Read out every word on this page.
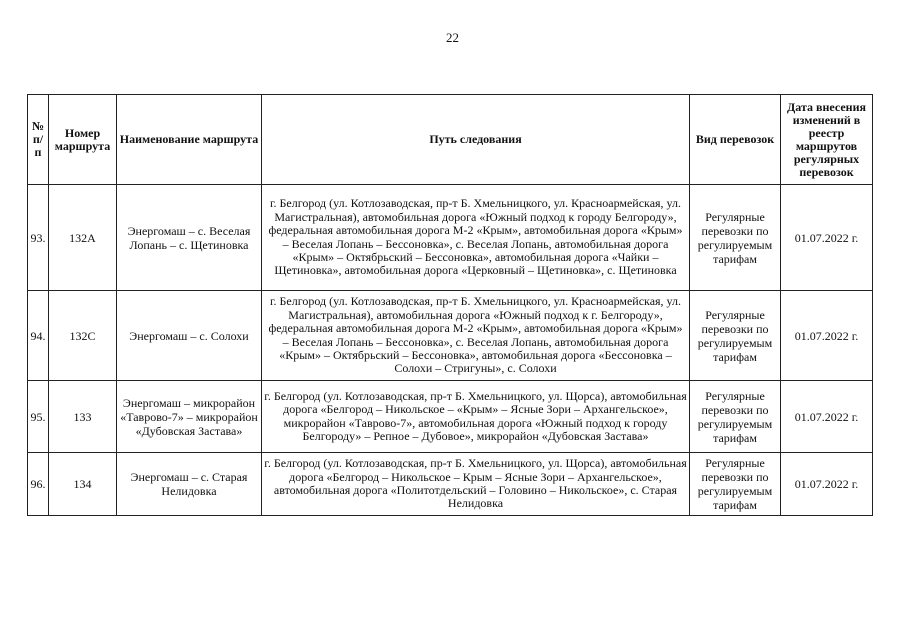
22
№ п/п	Номер маршрута	Наименование маршрута	Путь следования	Вид перевозок	Дата внесения изменений в реестр маршрутов регулярных перевозок
93.	132А	Энергомаш – с. Веселая Лопань – с. Щетиновка	г. Белгород (ул. Котлозаводская, пр-т Б. Хмельницкого, ул. Красноармейская, ул. Магистральная), автомобильная дорога «Южный подход к городу Белгороду», федеральная автомобильная дорога М-2 «Крым», автомобильная дорога «Крым» – Веселая Лопань – Бессоновка», с. Веселая Лопань, автомобильная дорога «Крым» – Октябрьский – Бессоновка», автомобильная дорога «Чайки – Щетиновка», автомобильная дорога «Церковный – Щетиновка», с. Щетиновка	Регулярные перевозки по регулируемым тарифам	01.07.2022 г.
94.	132С	Энергомаш – с. Солохи	г. Белгород (ул. Котлозаводская, пр-т Б. Хмельницкого, ул. Красноармейская, ул. Магистральная), автомобильная дорога «Южный подход к г. Белгороду», федеральная автомобильная дорога М-2 «Крым», автомобильная дорога «Крым» – Веселая Лопань – Бессоновка», с. Веселая Лопань, автомобильная дорога «Крым» – Октябрьский – Бессоновка», автомобильная дорога «Бессоновка – Солохи – Стригуны», с. Солохи	Регулярные перевозки по регулируемым тарифам	01.07.2022 г.
95.	133	Энергомаш – микрорайон «Таврово-7» – микрорайон «Дубовская Застава»	г. Белгород (ул. Котлозаводская, пр-т Б. Хмельницкого, ул. Щорса), автомобильная дорога «Белгород – Никольское – «Крым» – Ясные Зори – Архангельское», микрорайон «Таврово-7», автомобильная дорога «Южный подход к городу Белгороду» – Репное – Дубовое», микрорайон «Дубовская Застава»	Регулярные перевозки по регулируемым тарифам	01.07.2022 г.
96.	134	Энергомаш – с. Старая Нелидовка	г. Белгород (ул. Котлозаводская, пр-т Б. Хмельницкого, ул. Щорса), автомобильная дорога «Белгород – Никольское – Крым – Ясные Зори – Архангельское», автомобильная дорога «Политотдельский – Головино – Никольское», с. Старая Нелидовка	Регулярные перевозки по регулируемым тарифам	01.07.2022 г.
